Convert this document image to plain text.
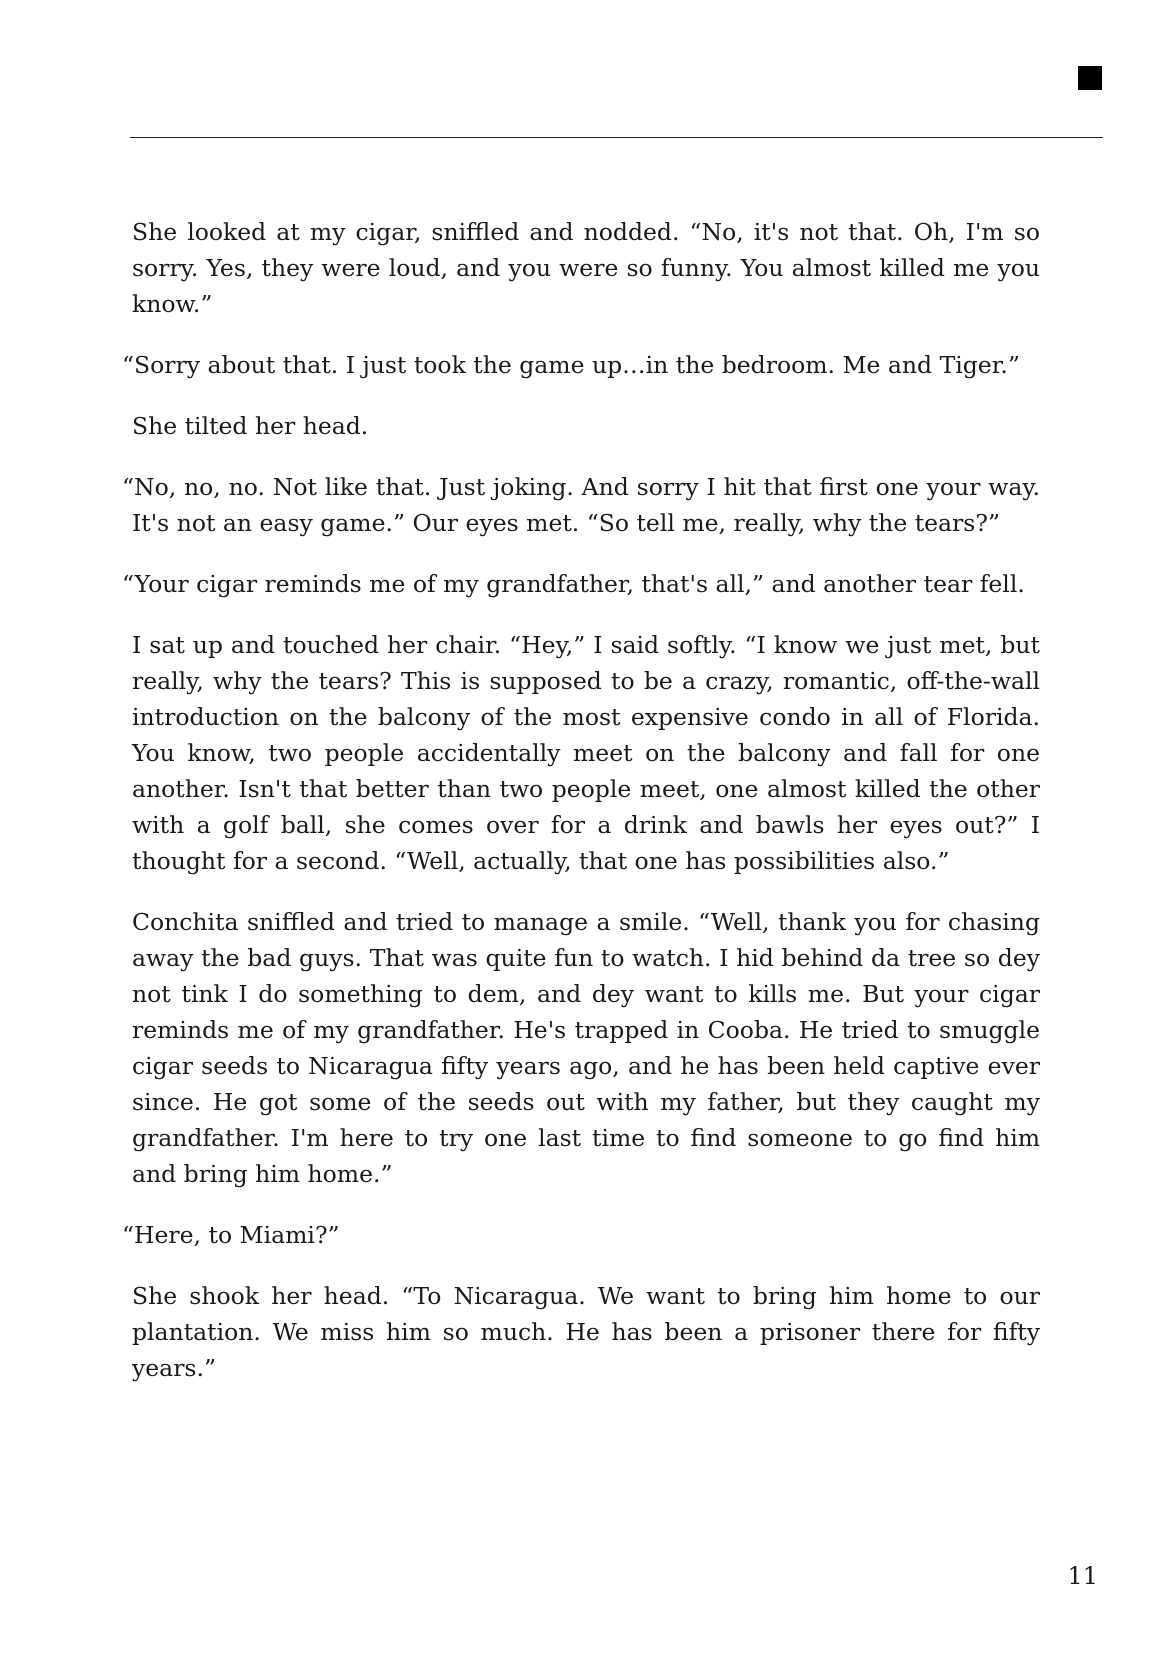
She looked at my cigar, sniffled and nodded. “No, it's not that. Oh, I'm so sorry. Yes, they were loud, and you were so funny. You almost killed me you know.”

“Sorry about that. I just took the game up…in the bedroom. Me and Tiger.”

She tilted her head.

“No, no, no. Not like that. Just joking. And sorry I hit that first one your way. It's not an easy game.” Our eyes met. “So tell me, really, why the tears?”

“Your cigar reminds me of my grandfather, that's all,” and another tear fell.

I sat up and touched her chair. “Hey,” I said softly. “I know we just met, but really, why the tears? This is supposed to be a crazy, romantic, off-the-wall introduction on the balcony of the most expensive condo in all of Florida. You know, two people accidentally meet on the balcony and fall for one another. Isn't that better than two people meet, one almost killed the other with a golf ball, she comes over for a drink and bawls her eyes out?” I thought for a second. “Well, actually, that one has possibilities also.”

Conchita sniffled and tried to manage a smile. “Well, thank you for chasing away the bad guys. That was quite fun to watch. I hid behind da tree so dey not tink I do something to dem, and dey want to kills me. But your cigar reminds me of my grandfather. He's trapped in Cooba. He tried to smuggle cigar seeds to Nicaragua fifty years ago, and he has been held captive ever since. He got some of the seeds out with my father, but they caught my grandfather. I'm here to try one last time to find someone to go find him and bring him home.”

“Here, to Miami?”

She shook her head. “To Nicaragua. We want to bring him home to our plantation. We miss him so much. He has been a prisoner there for fifty years.”

11
